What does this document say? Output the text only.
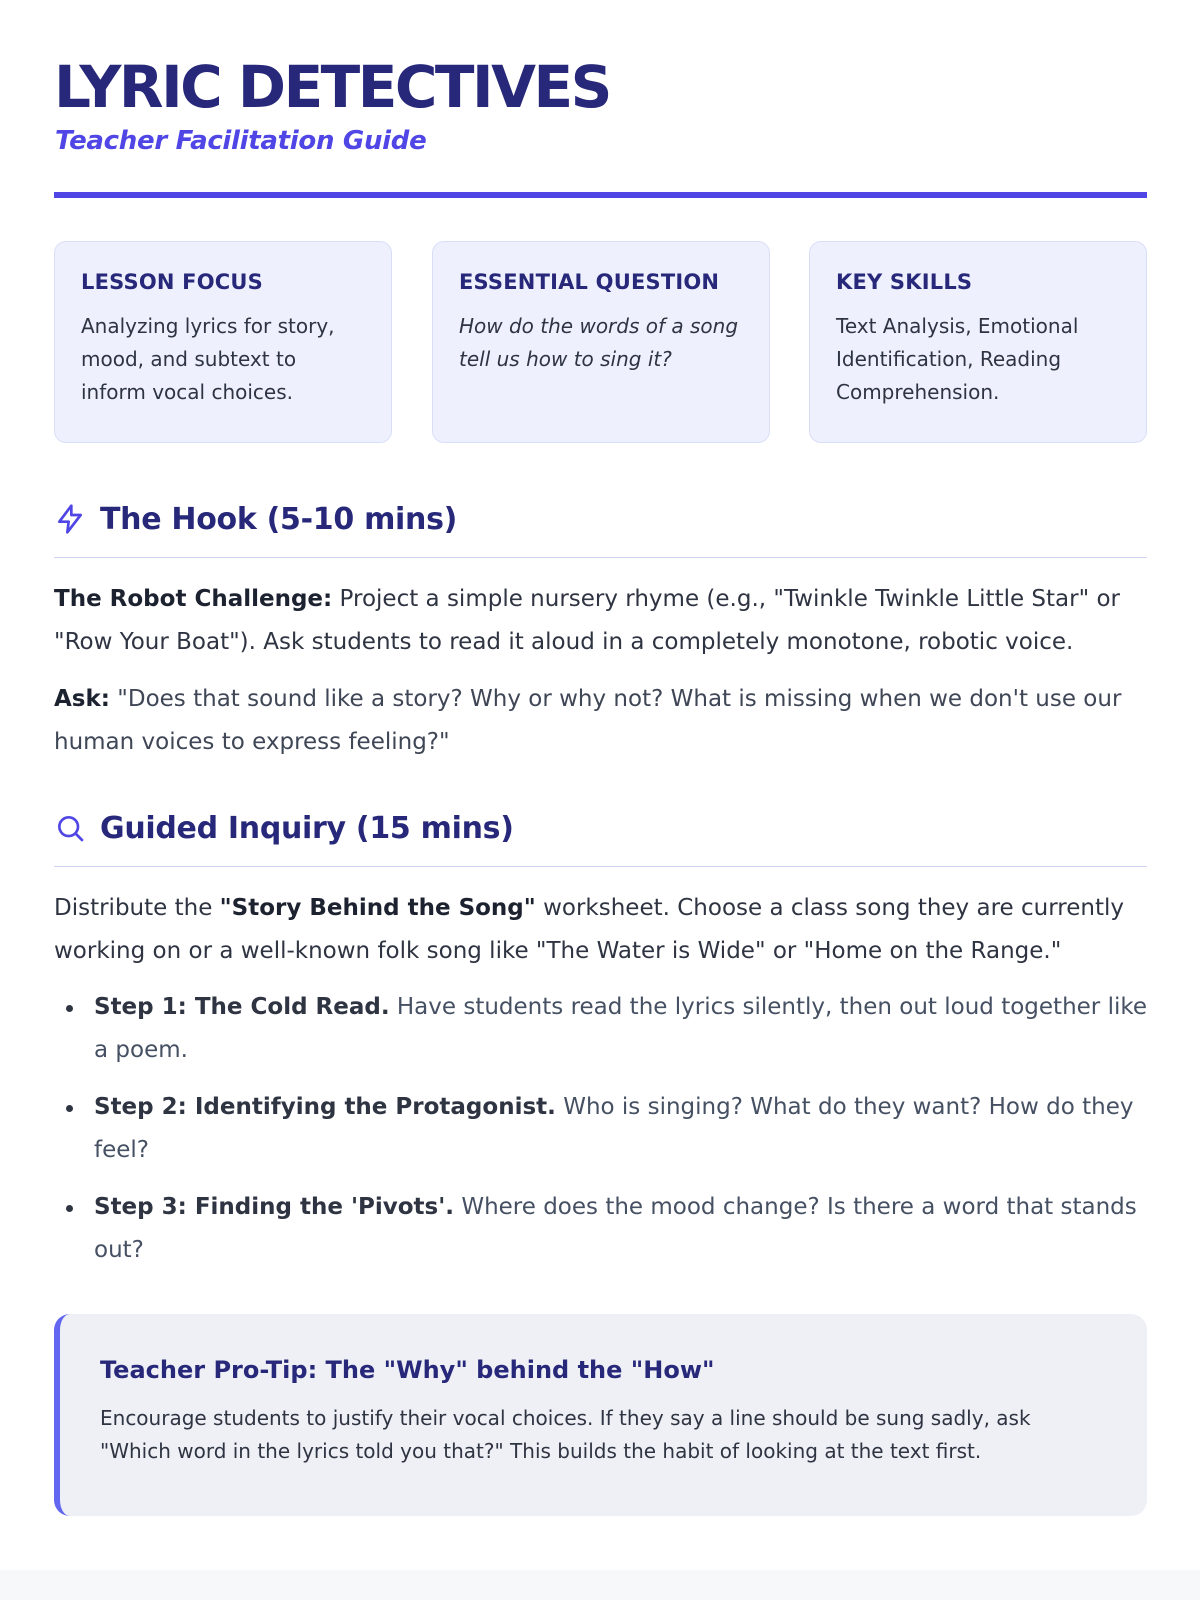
LYRIC DETECTIVES
Teacher Facilitation Guide
LESSON FOCUS
Analyzing lyrics for story, mood, and subtext to inform vocal choices.
ESSENTIAL QUESTION
How do the words of a song tell us how to sing it?
KEY SKILLS
Text Analysis, Emotional Identification, Reading Comprehension.
The Hook (5-10 mins)

The Robot Challenge: Project a simple nursery rhyme (e.g., "Twinkle Twinkle Little Star" or "Row Your Boat"). Ask students to read it aloud in a completely monotone, robotic voice.

Ask: "Does that sound like a story? Why or why not? What is missing when we don't use our human voices to express feeling?"

Guided Inquiry (15 mins)

Distribute the "Story Behind the Song" worksheet. Choose a class song they are currently working on or a well-known folk song like "The Water is Wide" or "Home on the Range."

Step 1: The Cold Read. Have students read the lyrics silently, then out loud together like a poem.
Step 2: Identifying the Protagonist. Who is singing? What do they want? How do they feel?
Step 3: Finding the 'Pivots'. Where does the mood change? Is there a word that stands out?
Teacher Pro-Tip: The "Why" behind the "How"
Encourage students to justify their vocal choices. If they say a line should be sung sadly, ask "Which word in the lyrics told you that?" This builds the habit of looking at the text first.
